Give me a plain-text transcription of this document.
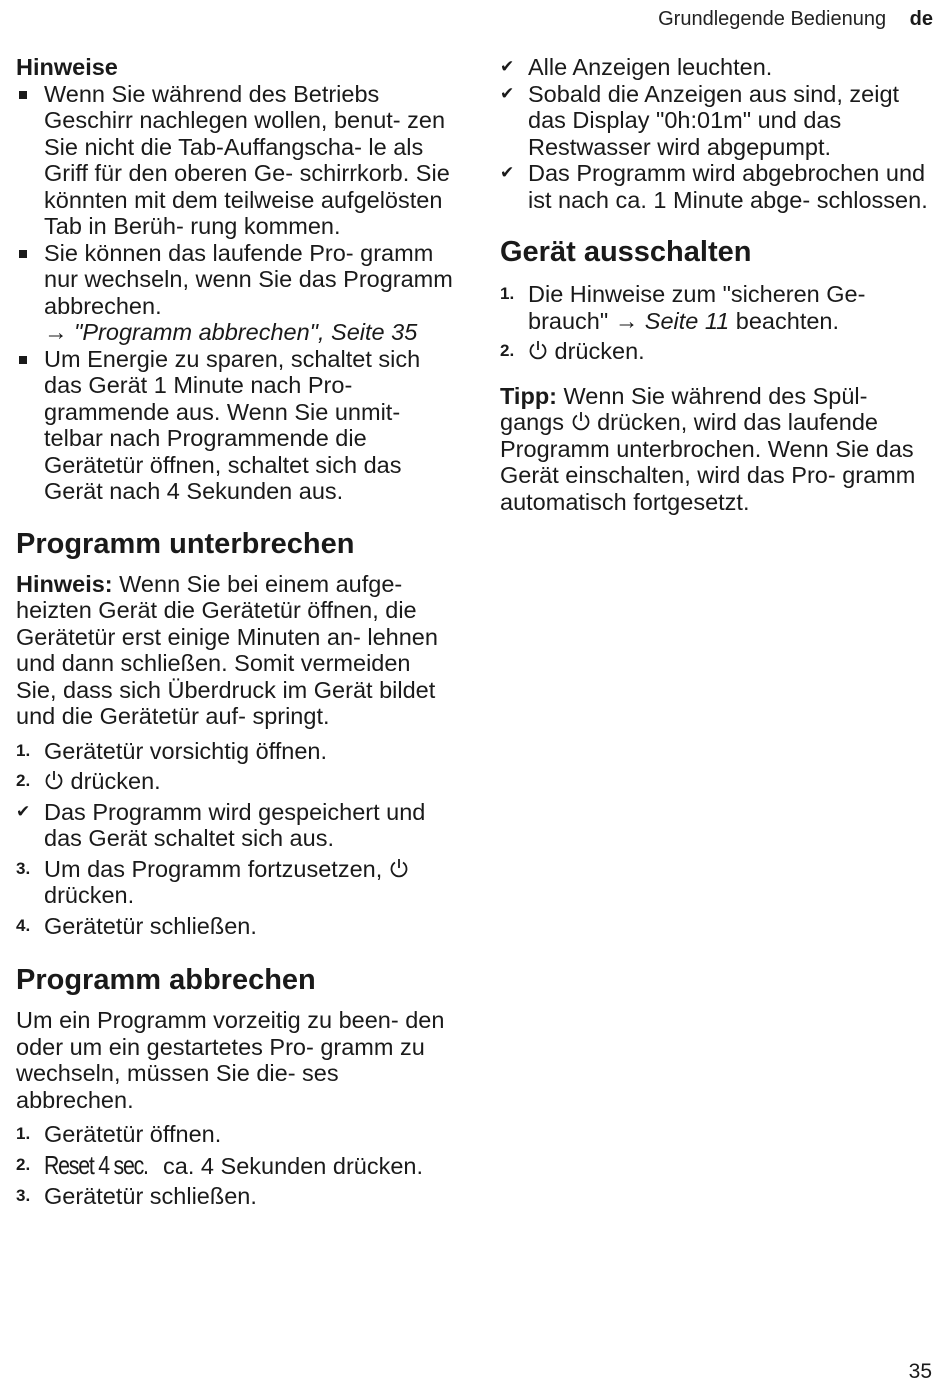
Grundlegende Bedienung de

Hinweise

Wenn Sie während des Betriebs Geschirr nachlegen wollen, benut- zen Sie nicht die Tab-Auffangscha- le als Griff für den oberen Ge- schirrkorb. Sie könnten mit dem teilweise aufgelösten Tab in Berüh- rung kommen.
Sie können das laufende Pro- gramm nur wechseln, wenn Sie das Programm abbrechen.
→ "Programm abbrechen", Seite 35
Um Energie zu sparen, schaltet sich das Gerät 1 Minute nach Pro- grammende aus. Wenn Sie unmit- telbar nach Programmende die Gerätetür öffnen, schaltet sich das Gerät nach 4 Sekunden aus.
Programm unterbrechen

Hinweis: Wenn Sie bei einem aufge- heizten Gerät die Gerätetür öffnen, die Gerätetür erst einige Minuten an- lehnen und dann schließen. Somit vermeiden Sie, dass sich Überdruck im Gerät bildet und die Gerätetür auf- springt.

1. Gerätetür vorsichtig öffnen.
2.	drücken.
✔ Das Programm wird gespeichert und das Gerät schaltet sich aus.
3. Um das Programm fortzusetzen,
drücken.
4. Gerätetür schließen.
Programm abbrechen

Um ein Programm vorzeitig zu been- den oder um ein gestartetes Pro- gramm zu wechseln, müssen Sie die- ses abbrechen.

1. Gerätetür öffnen.
2. Reset 4 sec. ca. 4 Sekunden drücken.
3. Gerätetür schließen.
✔ Alle Anzeigen leuchten.
✔ Sobald die Anzeigen aus sind, zeigt das Display "0h:01m" und das Restwasser wird abgepumpt.
✔ Das Programm wird abgebrochen und ist nach ca. 1 Minute abge- schlossen.
Gerät ausschalten
1. Die Hinweise zum "sicheren Ge- brauch" → Seite 11 beachten.
2.	drücken.

Tipp: Wenn Sie während des Spül- gangs drücken, wird das laufende Programm unterbrochen. Wenn Sie das Gerät einschalten, wird das Pro- gramm automatisch fortgesetzt.

35
